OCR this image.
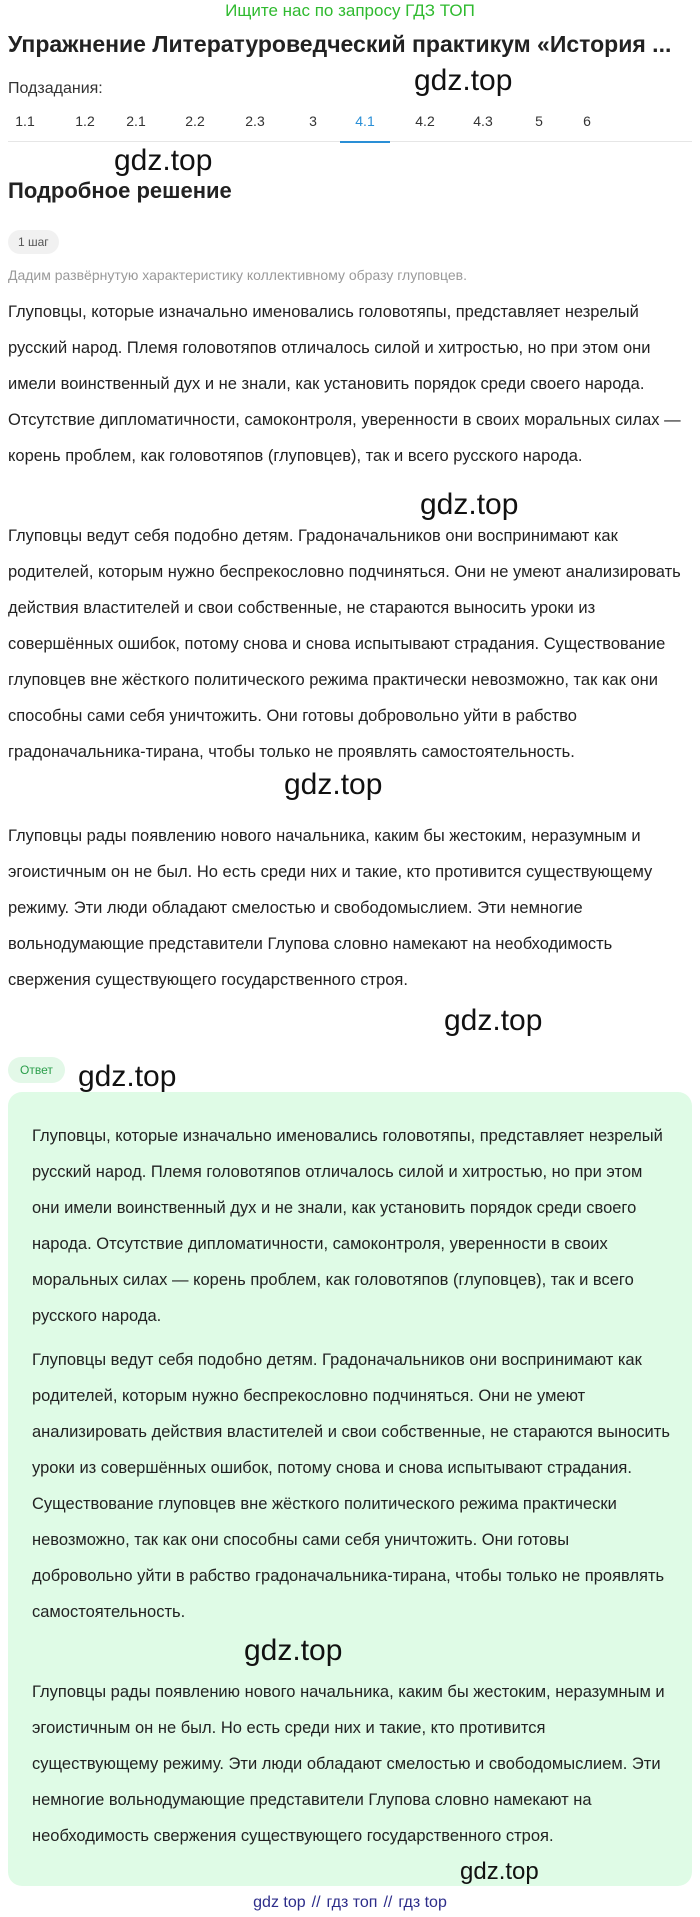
Ищите нас по запросу ГДЗ ТОП
Упражнение Литературоведческий практикум «История ...
Подзадания:
1.1	1.2	2.1	2.2	2.3	3	4.1	4.2	4.3	5	6
Подробное решение
1 шаг
Дадим развёрнутую характеристику коллективному образу глуповцев.

Глуповцы, которые изначально именовались головотяпы, представляет незрелый русский народ. Племя головотяпов отличалось силой и хитростью, но при этом они имели воинственный дух и не знали, как установить порядок среди своего народа. Отсутствие дипломатичности, самоконтроля, уверенности в своих моральных силах — корень проблем, как головотяпов (глуповцев), так и всего русского народа.

Глуповцы ведут себя подобно детям. Градоначальников они воспринимают как родителей, которым нужно беспрекословно подчиняться. Они не умеют анализировать действия властителей и свои собственные, не стараются выносить уроки из совершённых ошибок, потому снова и снова испытывают страдания. Существование глуповцев вне жёсткого политического режима практически невозможно, так как они способны сами себя уничтожить. Они готовы добровольно уйти в рабство градоначальника-тирана, чтобы только не проявлять самостоятельность.

Глуповцы рады появлению нового начальника, каким бы жестоким, неразумным и эгоистичным он не был. Но есть среди них и такие, кто противится существующему режиму. Эти люди обладают смелостью и свободомыслием. Эти немногие вольнодумающие представители Глупова словно намекают на необходимость свержения существующего государственного строя.

Ответ

Глуповцы, которые изначально именовались головотяпы, представляет незрелый русский народ. Племя головотяпов отличалось силой и хитростью, но при этом они имели воинственный дух и не знали, как установить порядок среди своего народа. Отсутствие дипломатичности, самоконтроля, уверенности в своих моральных силах — корень проблем, как головотяпов (глуповцев), так и всего русского народа.

Глуповцы ведут себя подобно детям. Градоначальников они воспринимают как родителей, которым нужно беспрекословно подчиняться. Они не умеют анализировать действия властителей и свои собственные, не стараются выносить уроки из совершённых ошибок, потому снова и снова испытывают страдания. Существование глуповцев вне жёсткого политического режима практически невозможно, так как они способны сами себя уничтожить. Они готовы добровольно уйти в рабство градоначальника-тирана, чтобы только не проявлять самостоятельность.

Глуповцы рады появлению нового начальника, каким бы жестоким, неразумным и эгоистичным он не был. Но есть среди них и такие, кто противится существующему режиму. Эти люди обладают смелостью и свободомыслием. Эти немногие вольнодумающие представители Глупова словно намекают на необходимость свержения существующего государственного строя.

gdz.top
gdz.top
gdz.top
gdz.top
gdz.top
gdz.top
gdz.top
gdz.top
gdz top // гдз топ // гдз top
